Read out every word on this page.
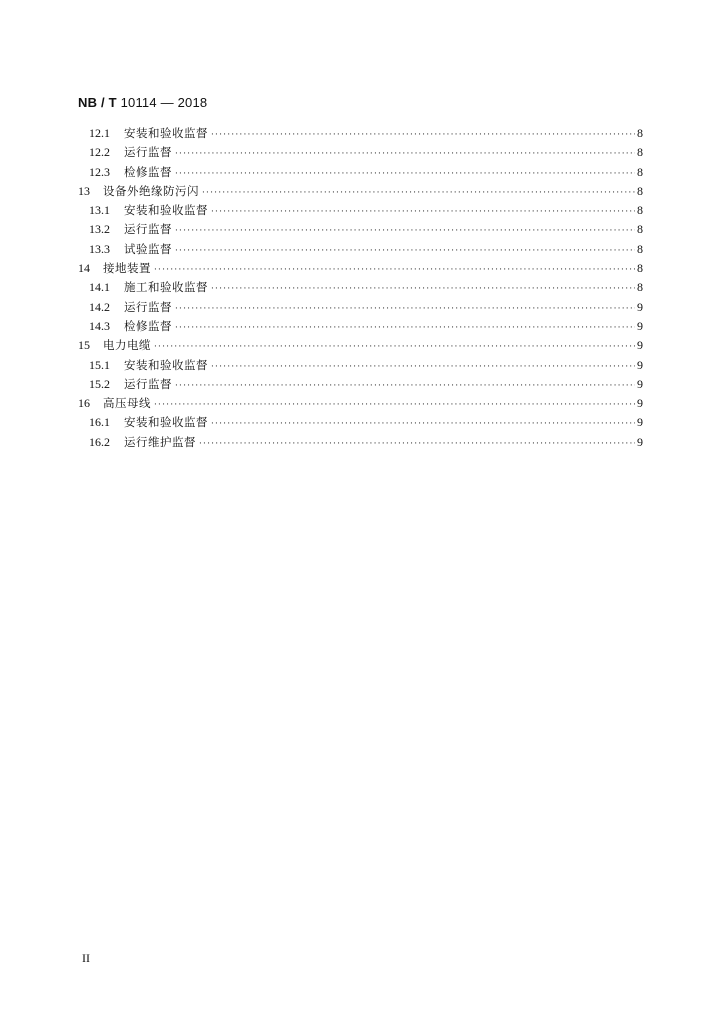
NB / T 10114 — 2018
12.1	安装和验收监督 ·····	8
12.2	运行监督 ·····	8
12.3	检修监督 ·····	8
13	设备外绝缘防污闪 ·····	8
13.1	安装和验收监督 ·····	8
13.2	运行监督 ·····	8
13.3	试验监督 ·····	8
14	接地装置 ·····	8
14.1	施工和验收监督 ·····	8
14.2	运行监督 ·····	9
14.3	检修监督 ·····	9
15	电力电缆 ·····	9
15.1	安装和验收监督 ·····	9
15.2	运行监督 ·····	9
16	高压母线 ·····	9
16.1	安装和验收监督 ·····	9
16.2	运行维护监督 ·····	9
II
